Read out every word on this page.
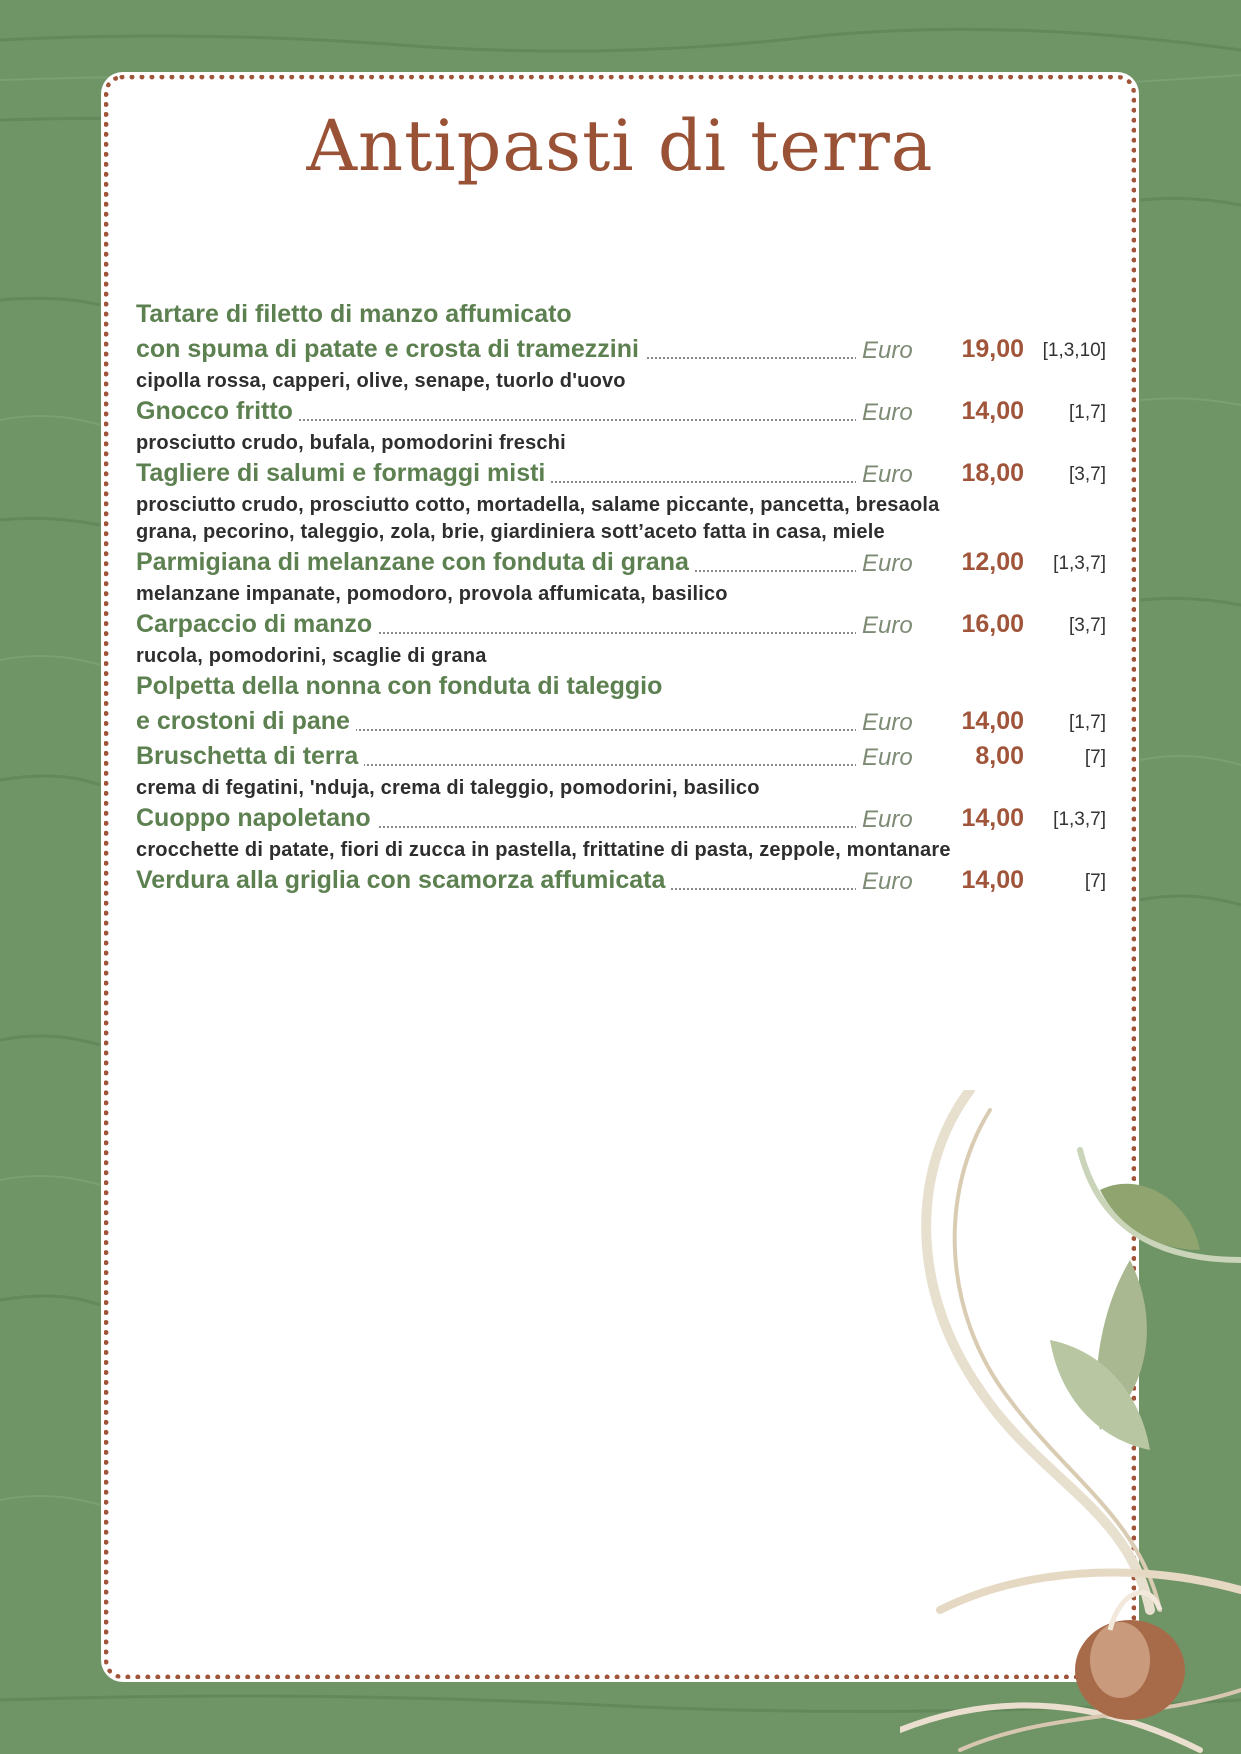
Antipasti di terra
Tartare di filetto di manzo affumicato
con spuma di patate e crosta di tramezzini	Euro	19,00 [1,3,10]
cipolla rossa, capperi, olive, senape, tuorlo d'uovo
Gnocco fritto	Euro	14,00 [1,7]
prosciutto crudo, bufala, pomodorini freschi
Tagliere di salumi e formaggi misti	Euro	18,00 [3,7]
prosciutto crudo, prosciutto cotto, mortadella, salame piccante, pancetta, bresaola
grana, pecorino, taleggio, zola, brie, giardiniera sott’aceto fatta in casa, miele
Parmigiana di melanzane con fonduta di grana	Euro	12,00 [1,3,7]
melanzane impanate, pomodoro, provola affumicata, basilico
Carpaccio di manzo	Euro	16,00 [3,7]
rucola, pomodorini, scaglie di grana
Polpetta della nonna con fonduta di taleggio
e crostoni di pane	Euro	14,00 [1,7]
Bruschetta di terra	Euro	8,00	[7]
crema di fegatini, 'nduja, crema di taleggio, pomodorini, basilico
Cuoppo napoletano	Euro	14,00 [1,3,7]
crocchette di patate, fiori di zucca in pastella, frittatine di pasta, zeppole, montanare
Verdura alla griglia con scamorza affumicata	Euro	14,00	[7]
